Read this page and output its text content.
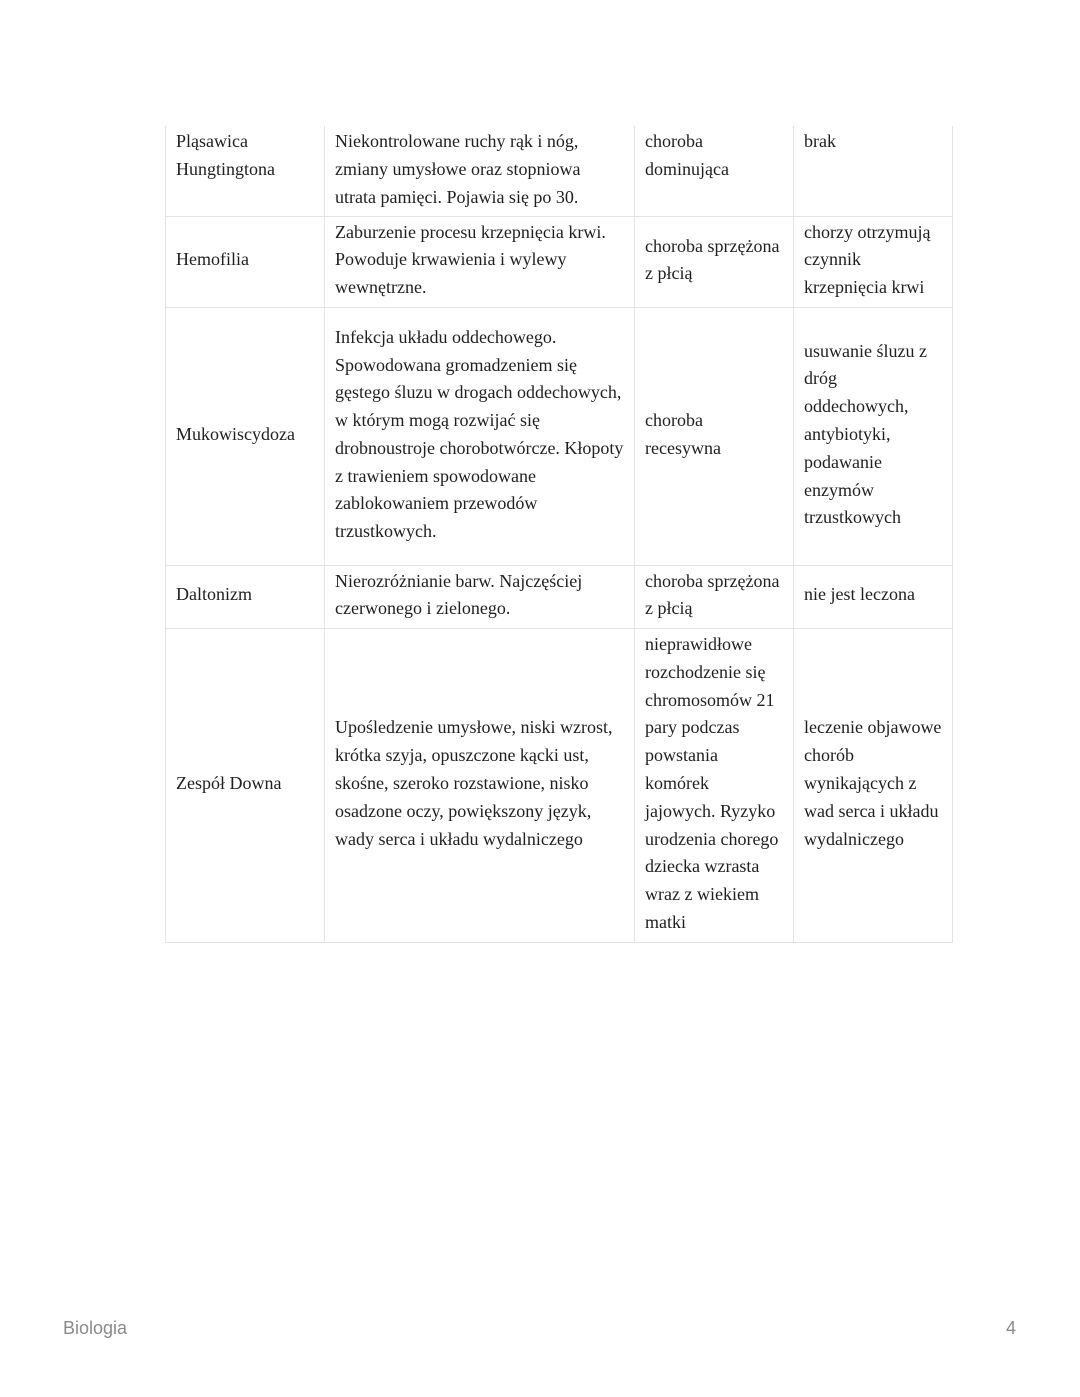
Pląsawica Hungtingtona	Niekontrolowane ruchy rąk i nóg, zmiany umysłowe oraz stopniowa utrata pamięci. Pojawia się po 30.	choroba dominująca	brak
Hemofilia	Zaburzenie procesu krzepnięcia krwi. Powoduje krwawienia i wylewy wewnętrzne.	choroba sprzężona z płcią	chorzy otrzymują czynnik krzepnięcia krwi
Mukowiscydoza	Infekcja układu oddechowego. Spowodowana gromadzeniem się gęstego śluzu w drogach oddechowych, w którym mogą rozwijać się drobnoustroje chorobotwórcze. Kłopoty z trawieniem spowodowane zablokowaniem przewodów trzustkowych.	choroba recesywna	usuwanie śluzu z dróg oddechowych, antybiotyki, podawanie enzymów trzustkowych
Daltonizm	Nierozróżnianie barw. Najczęściej czerwonego i zielonego.	choroba sprzężona z płcią	nie jest leczona
Zespół Downa	Upośledzenie umysłowe, niski wzrost, krótka szyja, opuszczone kącki ust, skośne, szeroko rozstawione, nisko osadzone oczy, powiększony język, wady serca i układu wydalniczego	nieprawidłowe rozchodzenie się chromosomów 21 pary podczas powstania komórek jajowych. Ryzyko urodzenia chorego dziecka wzrasta wraz z wiekiem matki	leczenie objawowe chorób wynikających z wad serca i układu wydalniczego
Biologia	4
